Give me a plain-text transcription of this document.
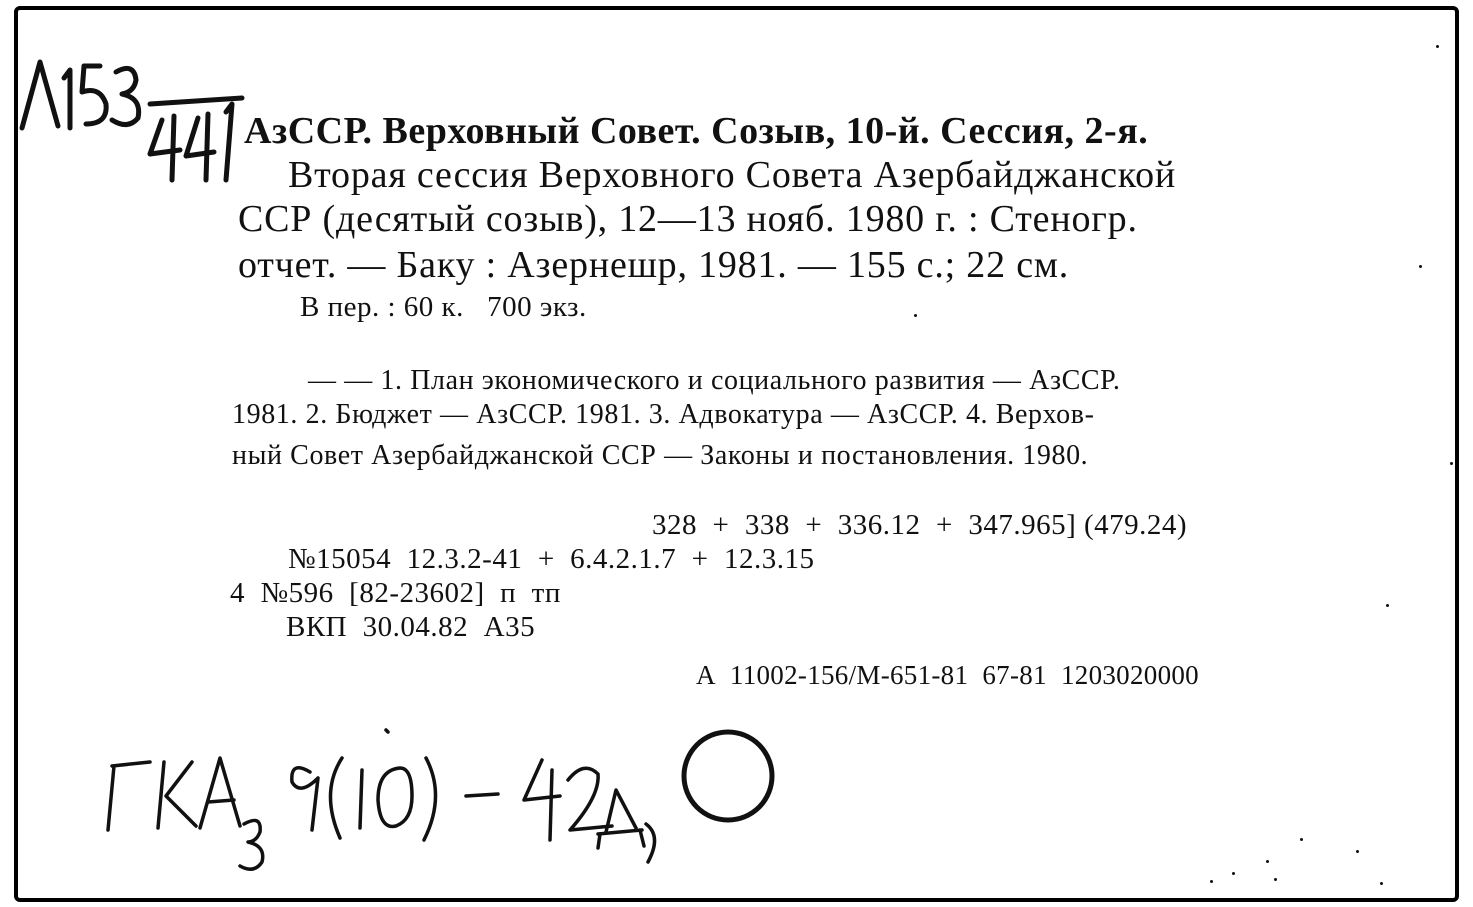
АзССР. Верховный Совет. Созыв, 10-й. Сессия, 2-я.
Вторая сессия Верховного Совета Азербайджанской
ССР (десятый созыв), 12—13 нояб. 1980 г. : Стеногр.
отчет. — Баку : Азернешр, 1981. — 155 с.; 22 см.
В пер. : 60 к.   700 экз.
— — 1. План экономического и социального развития — АзССР.
1981. 2. Бюджет — АзССР. 1981. 3. Адвокатура — АзССР. 4. Верхов-
ный Совет Азербайджанской ССР — Законы и постановления. 1980.
328  +  338  +  336.12  +  347.965] (479.24)
№15054  12.3.2-41  +  6.4.2.1.7  +  12.3.15
4  №596  [82-23602]  п  тп
ВКП  30.04.82  А35
А  11002-156/М-651-81  67-81  1203020000
